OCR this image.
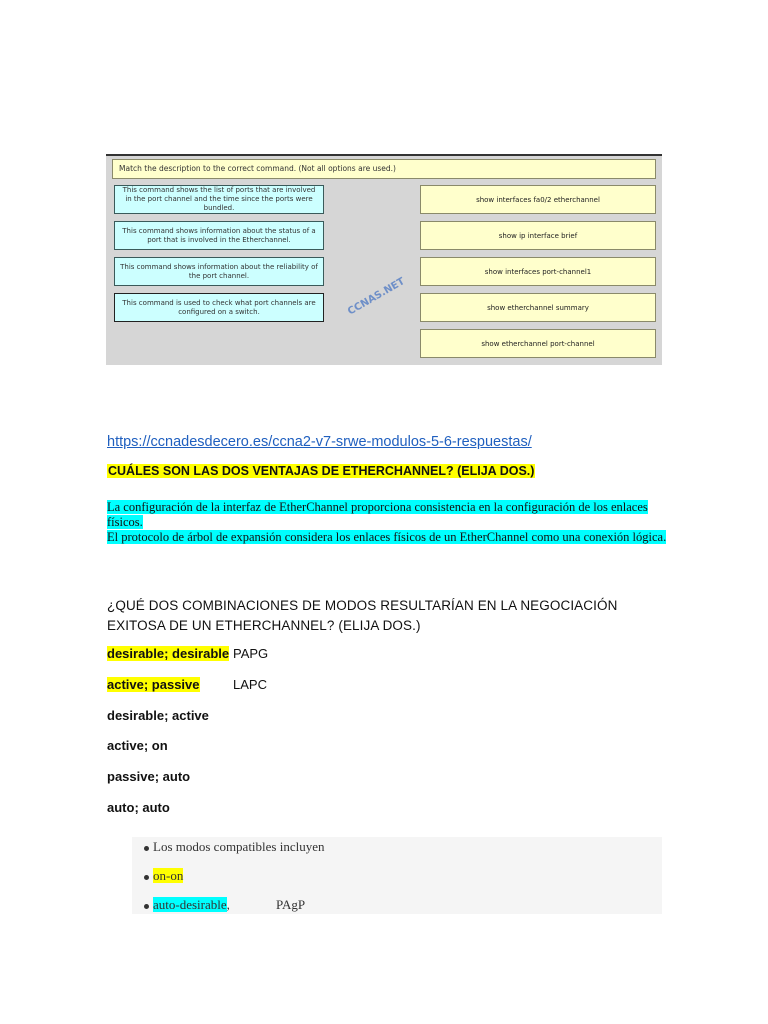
Match the description to the correct command. (Not all options are used.)
This command shows the list of ports that are involved in the port channel and the time since the ports were bundled.
This command shows information about the status of a port that is involved in the Etherchannel.
This command shows information about the reliability of the port channel.
This command is used to check what port channels are configured on a switch.
show interfaces fa0/2 etherchannel
show ip interface brief
show interfaces port-channel1
show etherchannel summary
show etherchannel port-channel
CCNAS.NET
https://ccnadesdecero.es/ccna2-v7-srwe-modulos-5-6-respuestas/
CUÁLES SON LAS DOS VENTAJAS DE ETHERCHANNEL? (ELIJA DOS.)
La configuración de la interfaz de EtherChannel proporciona consistencia en la configuración de los enlaces físicos.
El protocolo de árbol de expansión considera los enlaces físicos de un EtherChannel como una conexión lógica.
¿QUÉ DOS COMBINACIONES DE MODOS RESULTARÍAN EN LA NEGOCIACIÓN EXITOSA DE UN ETHERCHANNEL? (ELIJA DOS.)
desirable; desirable PAPG
active; passive	LAPC
desirable; active
active; on
passive; auto
auto; auto
Los modos compatibles incluyen
on-on
auto-desirable,	PAgP
